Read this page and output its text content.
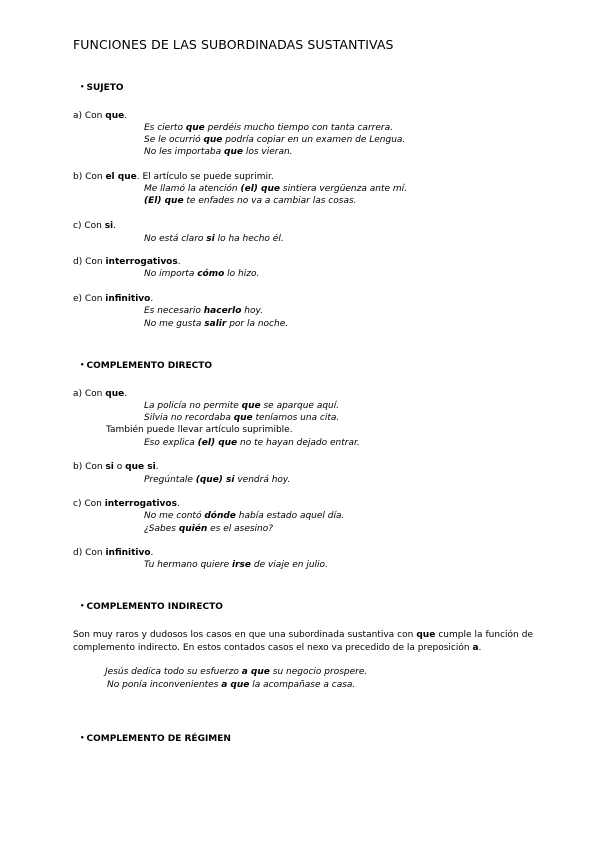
FUNCIONES DE LAS SUBORDINADAS SUSTANTIVAS
• SUJETO
a) Con que.
Es cierto que perdéis mucho tiempo con tanta carrera.
Se le ocurrió que podría copiar en un examen de Lengua.
No les importaba que los vieran.
b) Con el que. El artículo se puede suprimir.
Me llamó la atención (el) que sintiera vergüenza ante mí.
(El) que te enfades no va a cambiar las cosas.
c) Con si.
No está claro si lo ha hecho él.
d) Con interrogativos.
No importa cómo lo hizo.
e) Con infinitivo.
Es necesario hacerlo hoy.
No me gusta salir por la noche.
• COMPLEMENTO DIRECTO
a) Con que.
La policía no permite que se aparque aquí.
Silvia no recordaba que teníamos una cita.
También puede llevar artículo suprimible.
Eso explica (el) que no te hayan dejado entrar.
b) Con si o que si.
Pregúntale (que) si vendrá hoy.
c) Con interrogativos.
No me contó dónde había estado aquel día.
¿Sabes quién es el asesino?
d) Con infinitivo.
Tu hermano quiere irse de viaje en julio.
• COMPLEMENTO INDIRECTO
Son muy raros y dudosos los casos en que una subordinada sustantiva con que cumple la función de complemento indirecto. En estos contados casos el nexo va precedido de la preposición a.
Jesús dedica todo su esfuerzo a que su negocio prospere.
No ponía inconvenientes a que la acompañase a casa.
• COMPLEMENTO DE RÉGIMEN
